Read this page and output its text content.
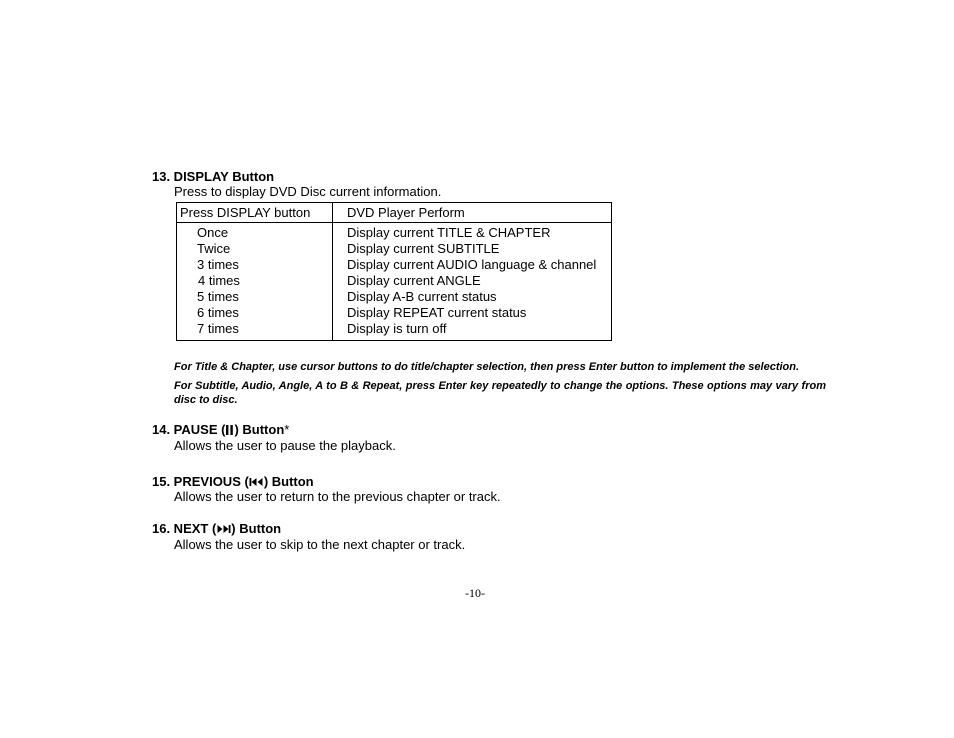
13. DISPLAY Button
Press to display DVD Disc current information.
Press DISPLAY button	DVD Player Perform
Once	Display current TITLE & CHAPTER
Twice	Display current SUBTITLE
3 times	Display current AUDIO language & channel
4 times	Display current ANGLE
5 times	Display A-B current status
6 times	Display REPEAT current status
7 times	Display is turn off
For Title & Chapter, use cursor buttons to do title/chapter selection, then press Enter button to implement the selection.
For Subtitle, Audio, Angle, A to B & Repeat, press Enter key repeatedly to change the options. These options may vary from disc to disc.
14. PAUSE ( ) Button*
Allows the user to pause the playback.
15. PREVIOUS ( ) Button
Allows the user to return to the previous chapter or track.
16. NEXT ( ) Button
Allows the user to skip to the next chapter or track.
-10-
